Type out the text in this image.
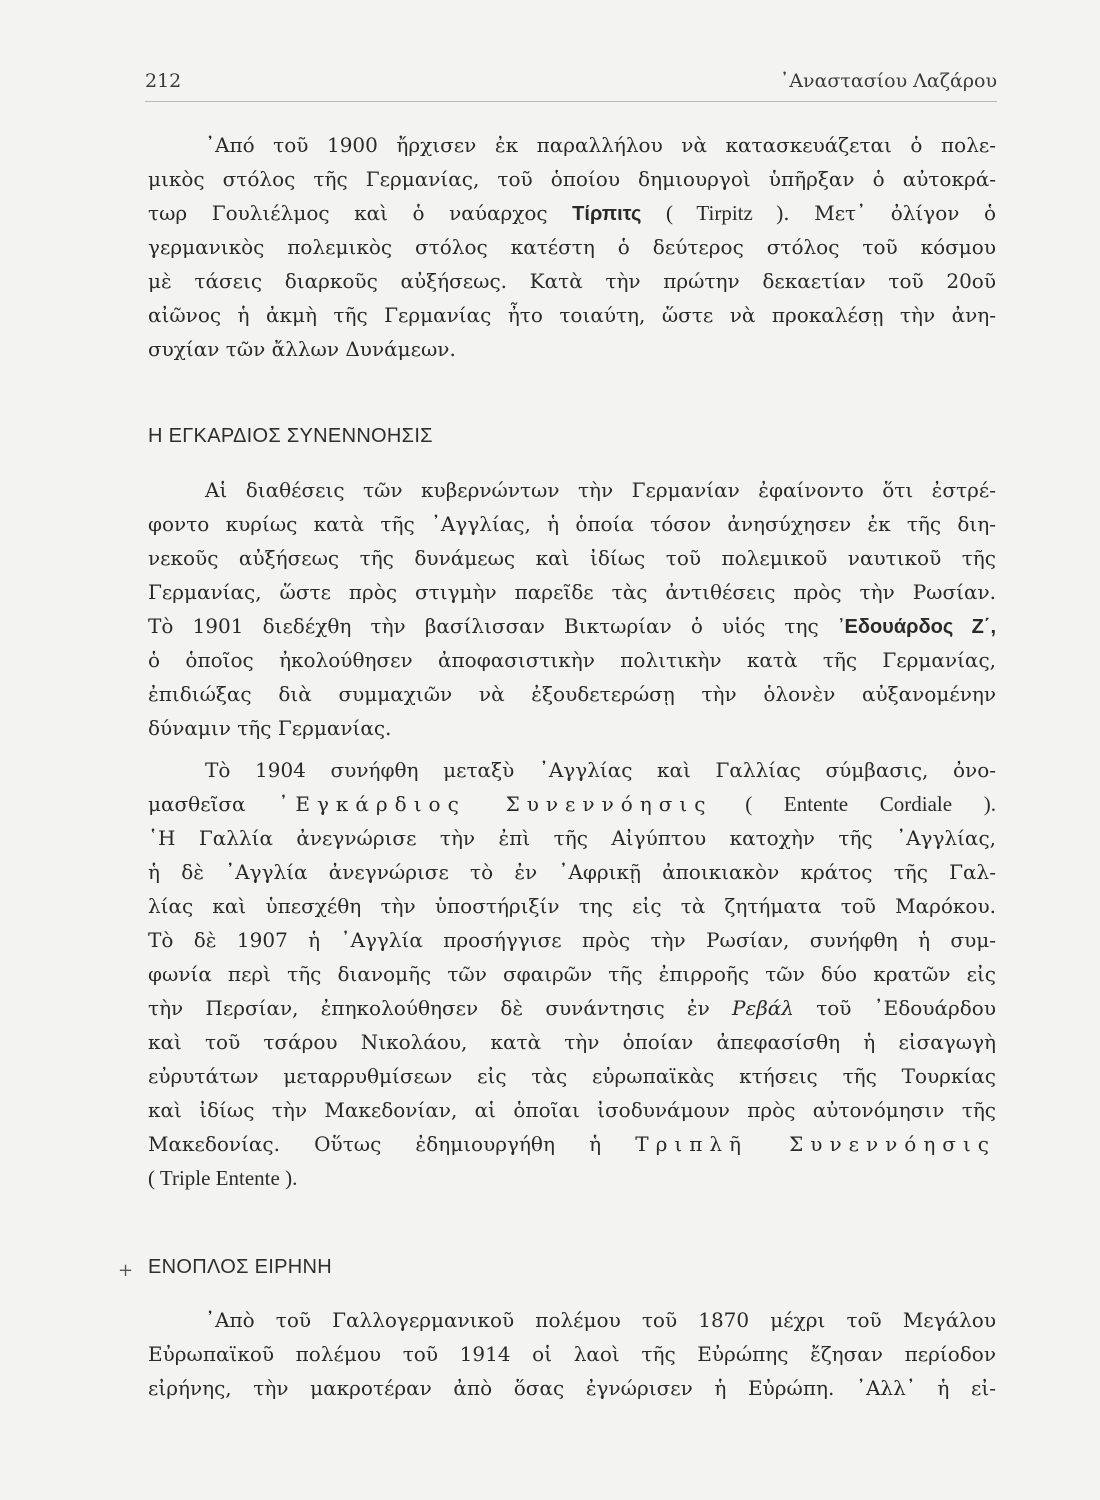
212	᾿Αναστασίου Λαζάρου
᾿Από τοῦ 1900 ἤρχισεν ἐκ παραλλήλου νὰ κατασκευάζεται ὁ πολε-
μικὸς στόλος τῆς Γερμανίας, τοῦ ὁποίου δημιουργοὶ ὑπῆρξαν ὁ αὐτοκρά-
τωρ Γουλιέλμος καὶ ὁ ναύαρχος Τίρπιτς ( Tirpitz ). Μετ᾿ ὀλίγον ὁ
γερμανικὸς πολεμικὸς στόλος κατέστη ὁ δεύτερος στόλος τοῦ κόσμου
μὲ τάσεις διαρκοῦς αὐξήσεως. Κατὰ τὴν πρώτην δεκαετίαν τοῦ 20οῦ
αἰῶνος ἡ ἀκμὴ τῆς Γερμανίας ἦτο τοιαύτη, ὥστε νὰ προκαλέσῃ τὴν ἀνη-
συχίαν τῶν ἄλλων Δυνάμεων.
Η ΕΓΚΑΡΔΙΟΣ ΣΥΝΕΝΝΟΗΣΙΣ
Αἱ διαθέσεις τῶν κυβερνώντων τὴν Γερμανίαν ἐφαίνοντο ὅτι ἐστρέ-
φοντο κυρίως κατὰ τῆς ᾿Αγγλίας, ἡ ὁποία τόσον ἀνησύχησεν ἐκ τῆς διη-
νεκοῦς αὐξήσεως τῆς δυνάμεως καὶ ἰδίως τοῦ πολεμικοῦ ναυτικοῦ τῆς
Γερμανίας, ὥστε πρὸς στιγμὴν παρεῖδε τὰς ἀντιθέσεις πρὸς τὴν Ρωσίαν.
Τὸ 1901 διεδέχθη τὴν βασίλισσαν Βικτωρίαν ὁ υἱός της ᾿Εδουάρδος Ζ΄,
ὁ ὁποῖος ἠκολούθησεν ἀποφασιστικὴν πολιτικὴν κατὰ τῆς Γερμανίας,
ἐπιδιώξας διὰ συμμαχιῶν νὰ ἐξουδετερώσῃ τὴν ὁλονὲν αὐξανομένην
δύναμιν τῆς Γερμανίας.
Τὸ 1904 συνήφθη μεταξὺ ᾿Αγγλίας καὶ Γαλλίας σύμβασις, ὀνο-
μασθεῖσα ᾿Εγκάρδιος Συνεννόησις ( Entente Cordiale ).
῾Η Γαλλία ἀνεγνώρισε τὴν ἐπὶ τῆς Αἰγύπτου κατοχὴν τῆς ᾿Αγγλίας,
ἡ δὲ ᾿Αγγλία ἀνεγνώρισε τὸ ἐν ᾿Αφρικῇ ἀποικιακὸν κράτος τῆς Γαλ-
λίας καὶ ὑπεσχέθη τὴν ὑποστήριξίν της εἰς τὰ ζητήματα τοῦ Μαρόκου.
Τὸ δὲ 1907 ἡ ᾿Αγγλία προσήγγισε πρὸς τὴν Ρωσίαν, συνήφθη ἡ συμ-
φωνία περὶ τῆς διανομῆς τῶν σφαιρῶν τῆς ἐπιρροῆς τῶν δύο κρατῶν εἰς
τὴν Περσίαν, ἐπηκολούθησεν δὲ συνάντησις ἐν Ρεβάλ τοῦ ᾿Εδουάρδου
καὶ τοῦ τσάρου Νικολάου, κατὰ τὴν ὁποίαν ἀπεφασίσθη ἡ εἰσαγωγὴ
εὐρυτάτων μεταρρυθμίσεων εἰς τὰς εὐρωπαϊκὰς κτήσεις τῆς Τουρκίας
καὶ ἰδίως τὴν Μακεδονίαν, αἱ ὁποῖαι ἰσοδυνάμουν πρὸς αὐτονόμησιν τῆς
Μακεδονίας. Οὕτως ἐδημιουργήθη ἡ Τριπλῆ Συνεννόησις
( Triple Entente ).
+ ΕΝΟΠΛΟΣ ΕΙΡΗΝΗ
᾿Απὸ τοῦ Γαλλογερμανικοῦ πολέμου τοῦ 1870 μέχρι τοῦ Μεγάλου
Εὐρωπαϊκοῦ πολέμου τοῦ 1914 οἱ λαοὶ τῆς Εὐρώπης ἔζησαν περίοδον
εἰρήνης, τὴν μακροτέραν ἀπὸ ὅσας ἐγνώρισεν ἡ Εὐρώπη. ᾿Αλλ᾿ ἡ εἰ-
